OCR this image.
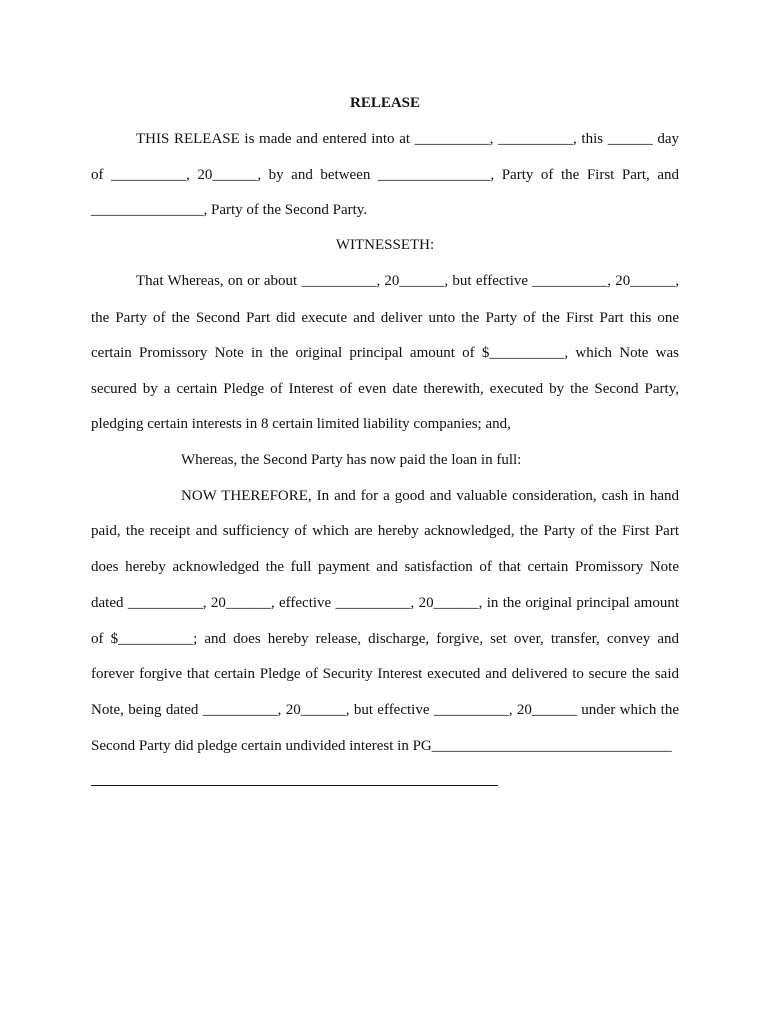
RELEASE

THIS RELEASE is made and entered into at __________, __________, this ______ day

of __________, 20______, by and between _______________, Party of the First Part, and

_______________, Party of the Second Party.

WITNESSETH:

That Whereas, on or about __________, 20______, but effective __________, 20______,

the Party of the Second Part did execute and deliver unto the Party of the First Part this one

certain Promissory Note in the original principal amount of $__________, which Note was

secured by a certain Pledge of Interest of even date therewith, executed by the Second Party,

pledging certain interests in 8 certain limited liability companies; and,

Whereas, the Second Party has now paid the loan in full:

NOW THEREFORE, In and for a good and valuable consideration, cash in hand

paid, the receipt and sufficiency of which are hereby acknowledged, the Party of the First Part

does hereby acknowledged the full payment and satisfaction of that certain Promissory Note

dated __________, 20______, effective __________, 20______, in the original principal amount

of $__________; and does hereby release, discharge, forgive, set over, transfer, convey and

forever forgive that certain Pledge of Security Interest executed and delivered to secure the said

Note, being dated __________, 20______, but effective __________, 20______ under which the

Second Party did pledge certain undivided interest in PG________________________________
